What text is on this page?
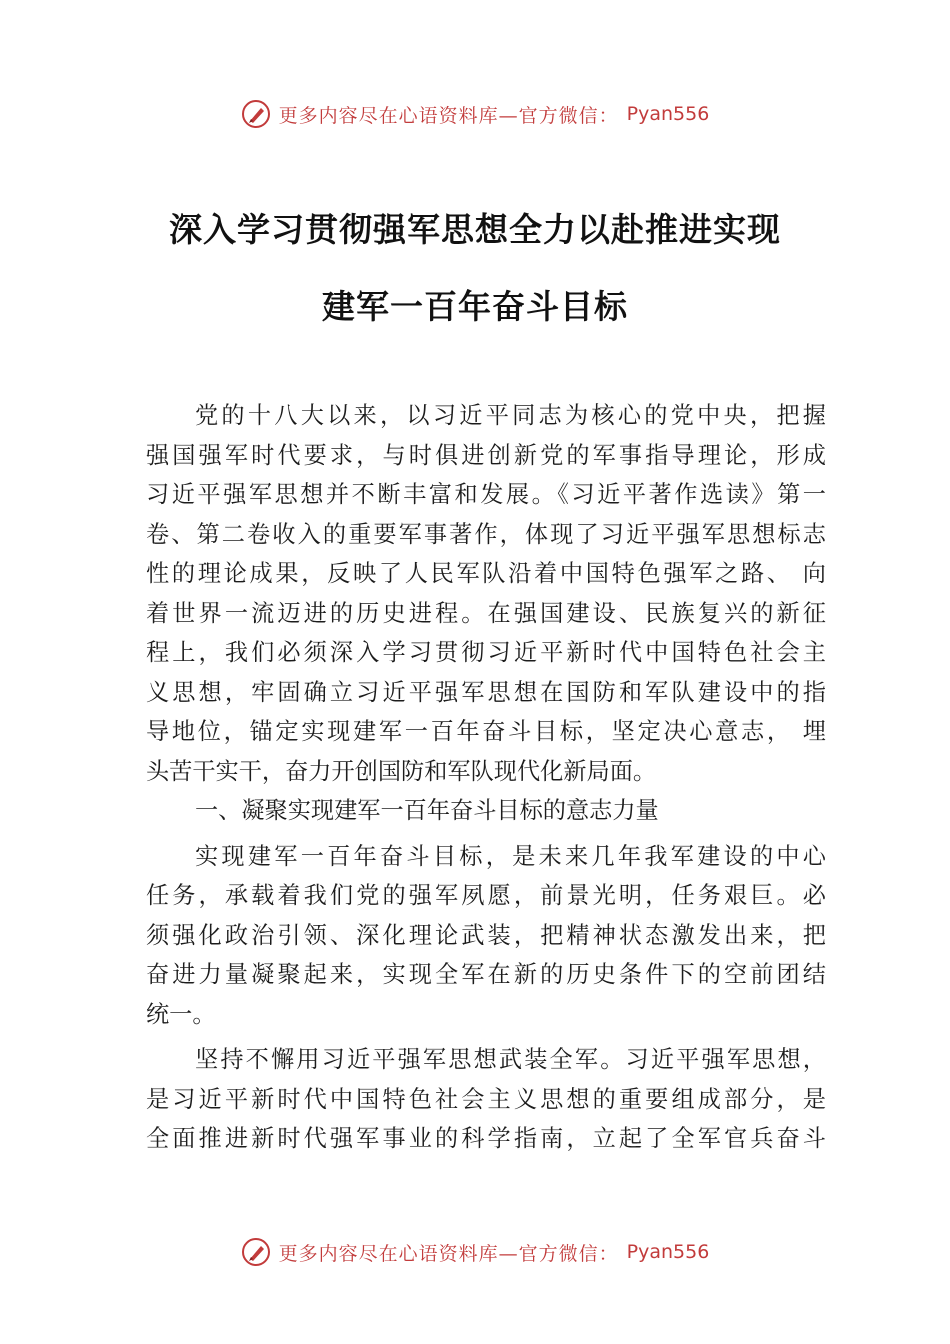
更多内容尽在心语资料库—官方微信： Pyan556
深入学习贯彻强军思想全力以赴推进实现
建军一百年奋斗目标
党的十八大以来，以习近平同志为核心的党中央，把握
强国强军时代要求，与时俱进创新党的军事指导理论，形成
习近平强军思想并不断丰富和发展。《习近平著作选读》第一
卷、第二卷收入的重要军事著作，体现了习近平强军思想标志
性的理论成果，反映了人民军队沿着中国特色强军之路、 向
着世界一流迈进的历史进程。在强国建设、民族复兴的新征
程上，我们必须深入学习贯彻习近平新时代中国特色社会主
义思想，牢固确立习近平强军思想在国防和军队建设中的指
导地位，锚定实现建军一百年奋斗目标，坚定决心意志， 埋
头苦干实干，奋力开创国防和军队现代化新局面。
一、凝聚实现建军一百年奋斗目标的意志力量
实现建军一百年奋斗目标，是未来几年我军建设的中心
任务，承载着我们党的强军夙愿，前景光明，任务艰巨。必
须强化政治引领、深化理论武装，把精神状态激发出来，把
奋进力量凝聚起来，实现全军在新的历史条件下的空前团结
统一。
坚持不懈用习近平强军思想武装全军。习近平强军思想，
是习近平新时代中国特色社会主义思想的重要组成部分，是
全面推进新时代强军事业的科学指南，立起了全军官兵奋斗
更多内容尽在心语资料库—官方微信： Pyan556
